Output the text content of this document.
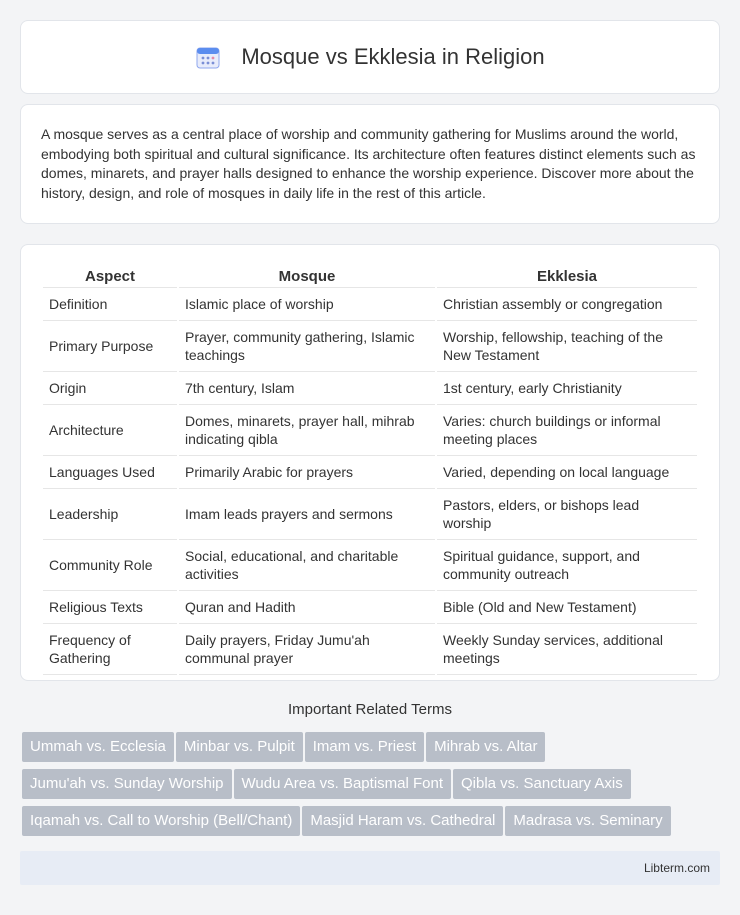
Mosque vs Ekklesia in Religion

A mosque serves as a central place of worship and community gathering for Muslims around the world, embodying both spiritual and cultural significance. Its architecture often features distinct elements such as domes, minarets, and prayer halls designed to enhance the worship experience. Discover more about the history, design, and role of mosques in daily life in the rest of this article.

Aspect	Mosque	Ekklesia
Definition	Islamic place of worship	Christian assembly or congregation
Primary Purpose	Prayer, community gathering, Islamic teachings	Worship, fellowship, teaching of the New Testament
Origin	7th century, Islam	1st century, early Christianity
Architecture	Domes, minarets, prayer hall, mihrab indicating qibla	Varies: church buildings or informal meeting places
Languages Used	Primarily Arabic for prayers	Varied, depending on local language
Leadership	Imam leads prayers and sermons	Pastors, elders, or bishops lead worship
Community Role	Social, educational, and charitable activities	Spiritual guidance, support, and community outreach
Religious Texts	Quran and Hadith	Bible (Old and New Testament)
Frequency of Gathering	Daily prayers, Friday Jumu'ah communal prayer	Weekly Sunday services, additional meetings
Important Related Terms
Ummah vs. Ecclesia Minbar vs. Pulpit Imam vs. Priest Mihrab vs. AltarJumu'ah vs. Sunday Worship Wudu Area vs. Baptismal Font Qibla vs. Sanctuary AxisIqamah vs. Call to Worship (Bell/Chant) Masjid Haram vs. Cathedral Madrasa vs. Seminary
Libterm.com
